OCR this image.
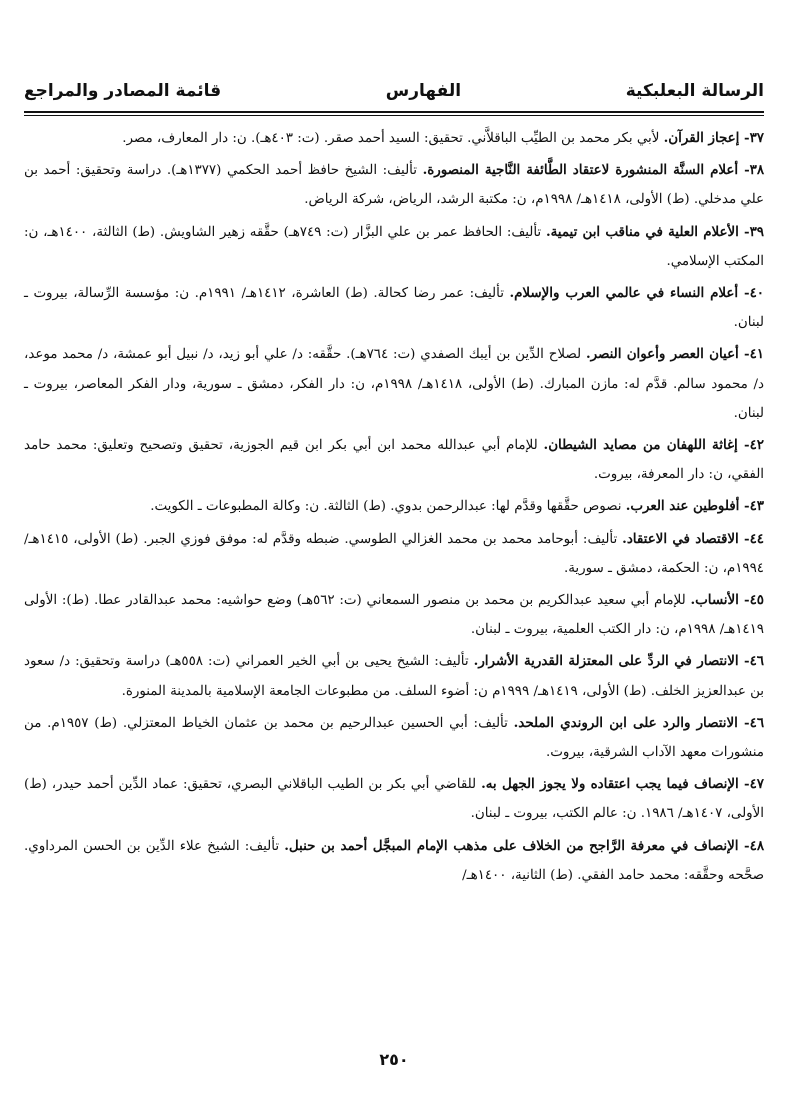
الرسالة البعلبكية
الفهارس
قائمة المصادر والمراجع

٣٧- إعجاز القرآن. لأبي بكر محمد بن الطيِّب الباقلاَّني. تحقيق: السيد أحمد صقر. (ت: ٤٠٣هـ). ن: دار المعارف، مصر.

٣٨- أعلام السنَّة المنشورة لاعتقاد الطَّائفة النَّاجية المنصورة. تأليف: الشيخ حافظ أحمد الحكمي (١٣٧٧هـ). دراسة وتحقيق: أحمد بن علي مدخلي. (ط) الأولى، ١٤١٨هـ/ ١٩٩٨م، ن: مكتبة الرشد، الرياض، شركة الرياض.

٣٩- الأعلام العلية في مناقب ابن تيمية. تأليف: الحافظ عمر بن علي البزَّار (ت: ٧٤٩هـ) حقَّقه زهير الشاويش. (ط) الثالثة، ١٤٠٠هـ، ن: المكتب الإسلامي.

٤٠- أعلام النساء في عالمي العرب والإسلام. تأليف: عمر رضا كحالة. (ط) العاشرة، ١٤١٢هـ/ ١٩٩١م. ن: مؤسسة الرِّسالة، بيروت ـ لبنان.

٤١- أعيان العصر وأعوان النصر. لصلاح الدِّين بن أيبك الصفدي (ت: ٧٦٤هـ). حقَّقه: د/ علي أبو زيد، د/ نبيل أبو عمشة، د/ محمد موعد، د/ محمود سالم. قدَّم له: مازن المبارك. (ط) الأولى، ١٤١٨هـ/ ١٩٩٨م، ن: دار الفكر، دمشق ـ سورية، ودار الفكر المعاصر، بيروت ـ لبنان.

٤٢- إغاثة اللهفان من مصايد الشيطان. للإمام أبي عبدالله محمد ابن أبي بكر ابن قيم الجوزية، تحقيق وتصحيح وتعليق: محمد حامد الفقي، ن: دار المعرفة، بيروت.

٤٣- أفلوطين عند العرب. نصوص حقَّقها وقدَّم لها: عبدالرحمن بدوي. (ط) الثالثة. ن: وكالة المطبوعات ـ الكويت.

٤٤- الاقتصاد في الاعتقاد. تأليف: أبوحامد محمد بن محمد الغزالي الطوسي. ضبطه وقدَّم له: موفق فوزي الجبر. (ط) الأولى، ١٤١٥هـ/ ١٩٩٤م، ن: الحكمة، دمشق ـ سورية.

٤٥- الأنساب. للإمام أبي سعيد عبدالكريم بن محمد بن منصور السمعاني (ت: ٥٦٢هـ) وضع حواشيه: محمد عبدالقادر عطا. (ط): الأولى ١٤١٩هـ/ ١٩٩٨م، ن: دار الكتب العلمية، بيروت ـ لبنان.

٤٦- الانتصار في الردِّ على المعتزلة القدرية الأشرار. تأليف: الشيخ يحيى بن أبي الخير العمراني (ت: ٥٥٨هـ) دراسة وتحقيق: د/ سعود بن عبدالعزيز الخلف. (ط) الأولى، ١٤١٩هـ/ ١٩٩٩م ن: أضوء السلف. من مطبوعات الجامعة الإسلامية بالمدينة المنورة.

٤٦- الانتصار والرد على ابن الروندي الملحد. تأليف: أبي الحسين عبدالرحيم بن محمد بن عثمان الخياط المعتزلي. (ط) ١٩٥٧م. من منشورات معهد الآداب الشرقية، بيروت.

٤٧- الإنصاف فيما يجب اعتقاده ولا يجوز الجهل به. للقاضي أبي بكر بن الطيب الباقلاني البصري، تحقيق: عماد الدِّين أحمد حيدر، (ط) الأولى، ١٤٠٧هـ/ ١٩٨٦. ن: عالم الكتب، بيروت ـ لبنان.

٤٨- الإنصاف في معرفة الرَّاجح من الخلاف على مذهب الإمام المبجَّل أحمد بن حنبل. تأليف: الشيخ علاء الدِّين بن الحسن المرداوي. صحَّحه وحقَّقه: محمد حامد الفقي. (ط) الثانية، ١٤٠٠هـ/

٢٥٠
